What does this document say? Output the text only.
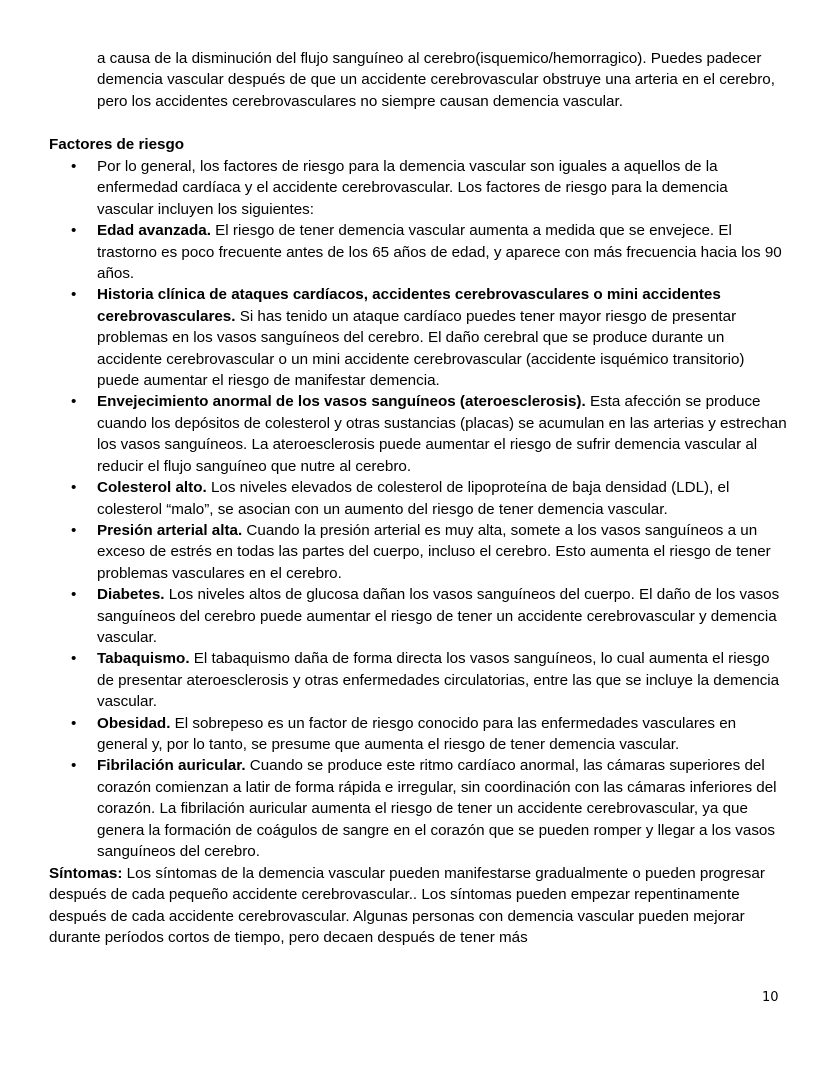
a causa de la disminución del flujo sanguíneo al cerebro(isquemico/hemorragico). Puedes padecer demencia vascular después de que un accidente cerebrovascular obstruye una arteria en el cerebro, pero los accidentes cerebrovasculares no siempre causan demencia vascular.
Factores de riesgo
• Por lo general, los factores de riesgo para la demencia vascular son iguales a aquellos de la enfermedad cardíaca y el accidente cerebrovascular. Los factores de riesgo para la demencia vascular incluyen los siguientes:
• Edad avanzada. El riesgo de tener demencia vascular aumenta a medida que se envejece. El trastorno es poco frecuente antes de los 65 años de edad, y aparece con más frecuencia hacia los 90 años.
• Historia clínica de ataques cardíacos, accidentes cerebrovasculares o mini accidentes cerebrovasculares. Si has tenido un ataque cardíaco puedes tener mayor riesgo de presentar problemas en los vasos sanguíneos del cerebro. El daño cerebral que se produce durante un accidente cerebrovascular o un mini accidente cerebrovascular (accidente isquémico transitorio) puede aumentar el riesgo de manifestar demencia.
• Envejecimiento anormal de los vasos sanguíneos (ateroesclerosis). Esta afección se produce cuando los depósitos de colesterol y otras sustancias (placas) se acumulan en las arterias y estrechan los vasos sanguíneos. La ateroesclerosis puede aumentar el riesgo de sufrir demencia vascular al reducir el flujo sanguíneo que nutre al cerebro.
• Colesterol alto. Los niveles elevados de colesterol de lipoproteína de baja densidad (LDL), el colesterol “malo”, se asocian con un aumento del riesgo de tener demencia vascular.
• Presión arterial alta. Cuando la presión arterial es muy alta, somete a los vasos sanguíneos a un exceso de estrés en todas las partes del cuerpo, incluso el cerebro. Esto aumenta el riesgo de tener problemas vasculares en el cerebro.
• Diabetes. Los niveles altos de glucosa dañan los vasos sanguíneos del cuerpo. El daño de los vasos sanguíneos del cerebro puede aumentar el riesgo de tener un accidente cerebrovascular y demencia vascular.
• Tabaquismo. El tabaquismo daña de forma directa los vasos sanguíneos, lo cual aumenta el riesgo de presentar ateroesclerosis y otras enfermedades circulatorias, entre las que se incluye la demencia vascular.
• Obesidad. El sobrepeso es un factor de riesgo conocido para las enfermedades vasculares en general y, por lo tanto, se presume que aumenta el riesgo de tener demencia vascular.
• Fibrilación auricular. Cuando se produce este ritmo cardíaco anormal, las cámaras superiores del corazón comienzan a latir de forma rápida e irregular, sin coordinación con las cámaras inferiores del corazón. La fibrilación auricular aumenta el riesgo de tener un accidente cerebrovascular, ya que genera la formación de coágulos de sangre en el corazón que se pueden romper y llegar a los vasos sanguíneos del cerebro.
Síntomas: Los síntomas de la demencia vascular pueden manifestarse gradualmente o pueden progresar después de cada pequeño accidente cerebrovascular.. Los síntomas pueden empezar repentinamente después de cada accidente cerebrovascular. Algunas personas con demencia vascular pueden mejorar durante períodos cortos de tiempo, pero decaen después de tener más
10
